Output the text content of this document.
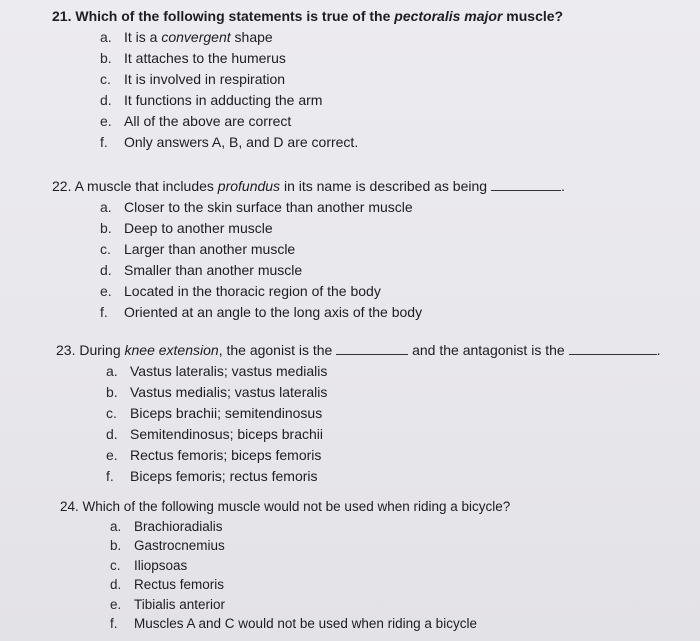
21. Which of the following statements is true of the pectoralis major muscle?
a. It is a convergent shape
b. It attaches to the humerus
c. It is involved in respiration
d. It functions in adducting the arm
e. All of the above are correct
f.	Only answers A, B, and D are correct.
22. A muscle that includes profundus in its name is described as being	.
a. Closer to the skin surface than another muscle
b. Deep to another muscle
c. Larger than another muscle
d. Smaller than another muscle
e. Located in the thoracic region of the body
f.	Oriented at an angle to the long axis of the body
23. During knee extension, the agonist is the	and the antagonist is the	.
a. Vastus lateralis; vastus medialis
b. Vastus medialis; vastus lateralis
c. Biceps brachii; semitendinosus
d. Semitendinosus; biceps brachii
e. Rectus femoris; biceps femoris
f.	Biceps femoris; rectus femoris
24. Which of the following muscle would not be used when riding a bicycle?
a. Brachioradialis
b. Gastrocnemius
c. Iliopsoas
d. Rectus femoris
e. Tibialis anterior
f.	Muscles A and C would not be used when riding a bicycle
